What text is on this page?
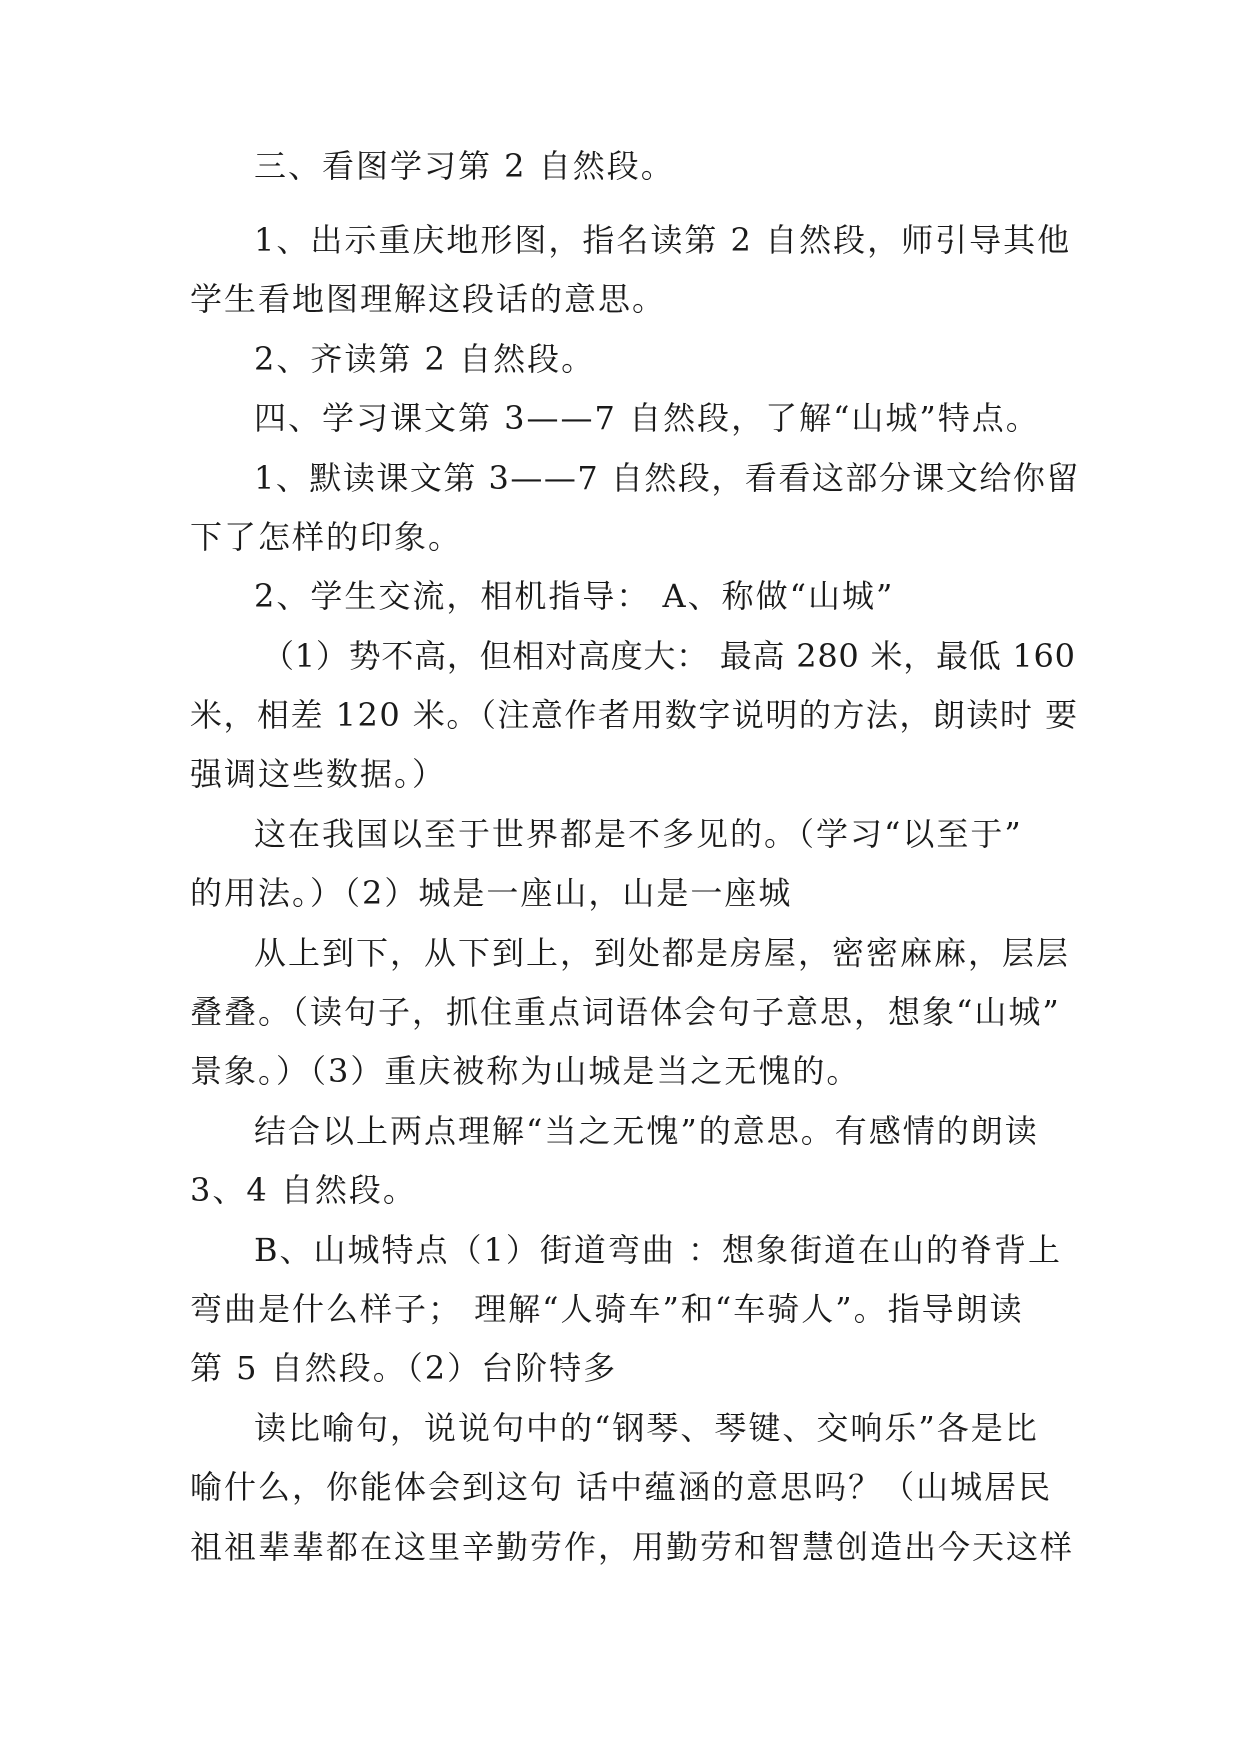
三、看图学习第 2 自然段。
1、出示重庆地形图，指名读第 2 自然段，师引导其他
学生看地图理解这段话的意思。
2、齐读第 2 自然段。
四、学习课文第 3——7 自然段，了解“山城”特点。
1、默读课文第 3——7 自然段，看看这部分课文给你留
下了怎样的印象。
2、学生交流，相机指导： A、称做“山城”
（1）势不高，但相对高度大： 最高 280 米，最低 160
米，相差 120 米。（注意作者用数字说明的方法，朗读时 要
强调这些数据。）
这在我国以至于世界都是不多见的。（学习“以至于”
的用法。）（2）城是一座山，山是一座城
从上到下，从下到上，到处都是房屋，密密麻麻，层层
叠叠。（读句子，抓住重点词语体会句子意思，想象“山城”
景象。）（3）重庆被称为山城是当之无愧的。
结合以上两点理解“当之无愧”的意思。有感情的朗读
3、4 自然段。
B、山城特点（1）街道弯曲 ：想象街道在山的脊背上
弯曲是什么样子； 理解“人骑车”和“车骑人”。指导朗读
第 5 自然段。（2）台阶特多
读比喻句，说说句中的“钢琴、琴键、交响乐”各是比
喻什么，你能体会到这句 话中蕴涵的意思吗？（山城居民
祖祖辈辈都在这里辛勤劳作，用勤劳和智慧创造出今天这样
